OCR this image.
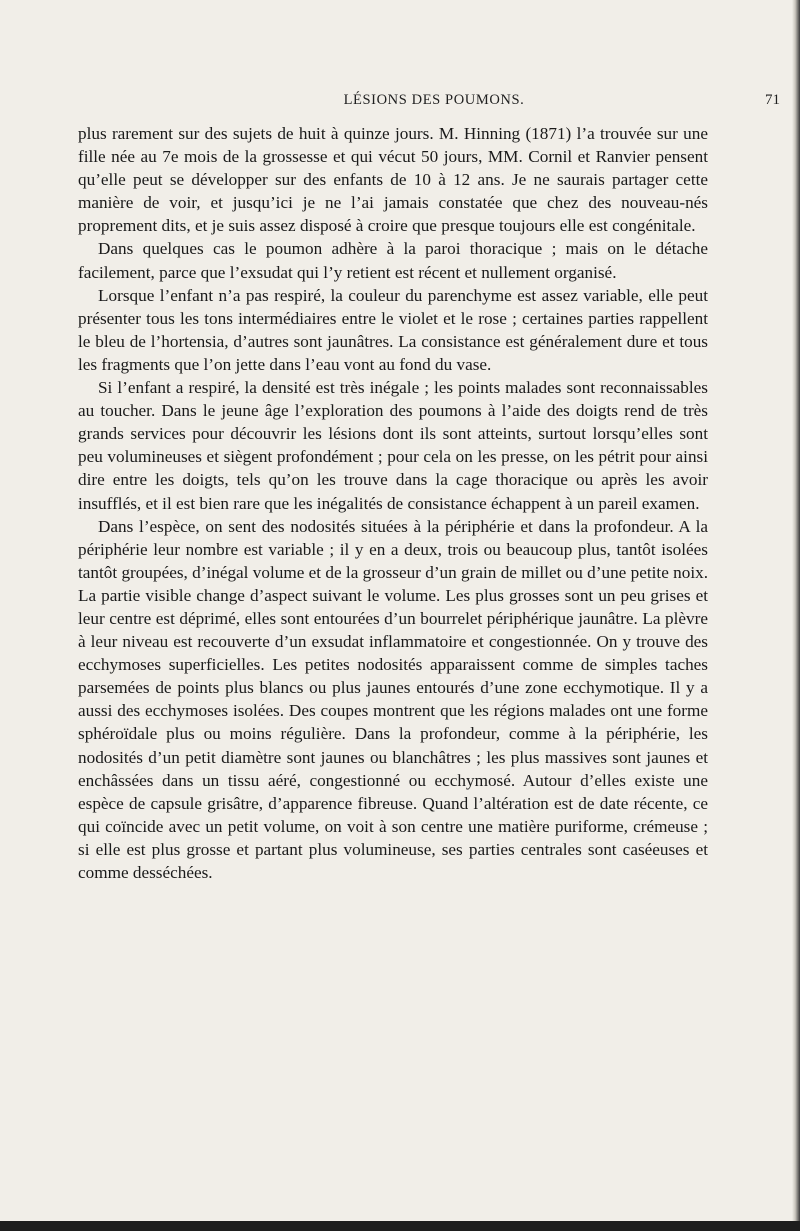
LÉSIONS DES POUMONS.	71

plus rarement sur des sujets de huit à quinze jours. M. Hinning (1871) l’a trouvée sur une fille née au 7e mois de la grossesse et qui vécut 50 jours, MM. Cornil et Ranvier pensent qu’elle peut se développer sur des enfants de 10 à 12 ans. Je ne saurais partager cette manière de voir, et jusqu’ici je ne l’ai jamais constatée que chez des nouveau-nés proprement dits, et je suis assez disposé à croire que presque toujours elle est congénitale.

Dans quelques cas le poumon adhère à la paroi thoracique ; mais on le détache facilement, parce que l’exsudat qui l’y retient est récent et nullement organisé.

Lorsque l’enfant n’a pas respiré, la couleur du parenchyme est assez variable, elle peut présenter tous les tons intermédiaires entre le violet et le rose ; certaines parties rappellent le bleu de l’hortensia, d’autres sont jaunâtres. La consistance est généralement dure et tous les fragments que l’on jette dans l’eau vont au fond du vase.

Si l’enfant a respiré, la densité est très inégale ; les points malades sont reconnaissables au toucher. Dans le jeune âge l’exploration des poumons à l’aide des doigts rend de très grands services pour découvrir les lésions dont ils sont atteints, surtout lorsqu’elles sont peu volumineuses et siègent profondément ; pour cela on les presse, on les pétrit pour ainsi dire entre les doigts, tels qu’on les trouve dans la cage thoracique ou après les avoir insufflés, et il est bien rare que les inégalités de consistance échappent à un pareil examen.

Dans l’espèce, on sent des nodosités situées à la périphérie et dans la profondeur. A la périphérie leur nombre est variable ; il y en a deux, trois ou beaucoup plus, tantôt isolées tantôt groupées, d’inégal volume et de la grosseur d’un grain de millet ou d’une petite noix. La partie visible change d’aspect suivant le volume. Les plus grosses sont un peu grises et leur centre est déprimé, elles sont entourées d’un bourrelet périphérique jaunâtre. La plèvre à leur niveau est recouverte d’un exsudat inflammatoire et congestionnée. On y trouve des ecchymoses superficielles. Les petites nodosités apparaissent comme de simples taches parsemées de points plus blancs ou plus jaunes entourés d’une zone ecchymotique. Il y a aussi des ecchymoses isolées. Des coupes montrent que les régions malades ont une forme sphéroïdale plus ou moins régulière. Dans la profondeur, comme à la périphérie, les nodosités d’un petit diamètre sont jaunes ou blanchâtres ; les plus massives sont jaunes et enchâssées dans un tissu aéré, congestionné ou ecchymosé. Autour d’elles existe une espèce de capsule grisâtre, d’apparence fibreuse. Quand l’altération est de date récente, ce qui coïncide avec un petit volume, on voit à son centre une matière puriforme, crémeuse ; si elle est plus grosse et partant plus volumineuse, ses parties centrales sont caséeuses et comme desséchées.
